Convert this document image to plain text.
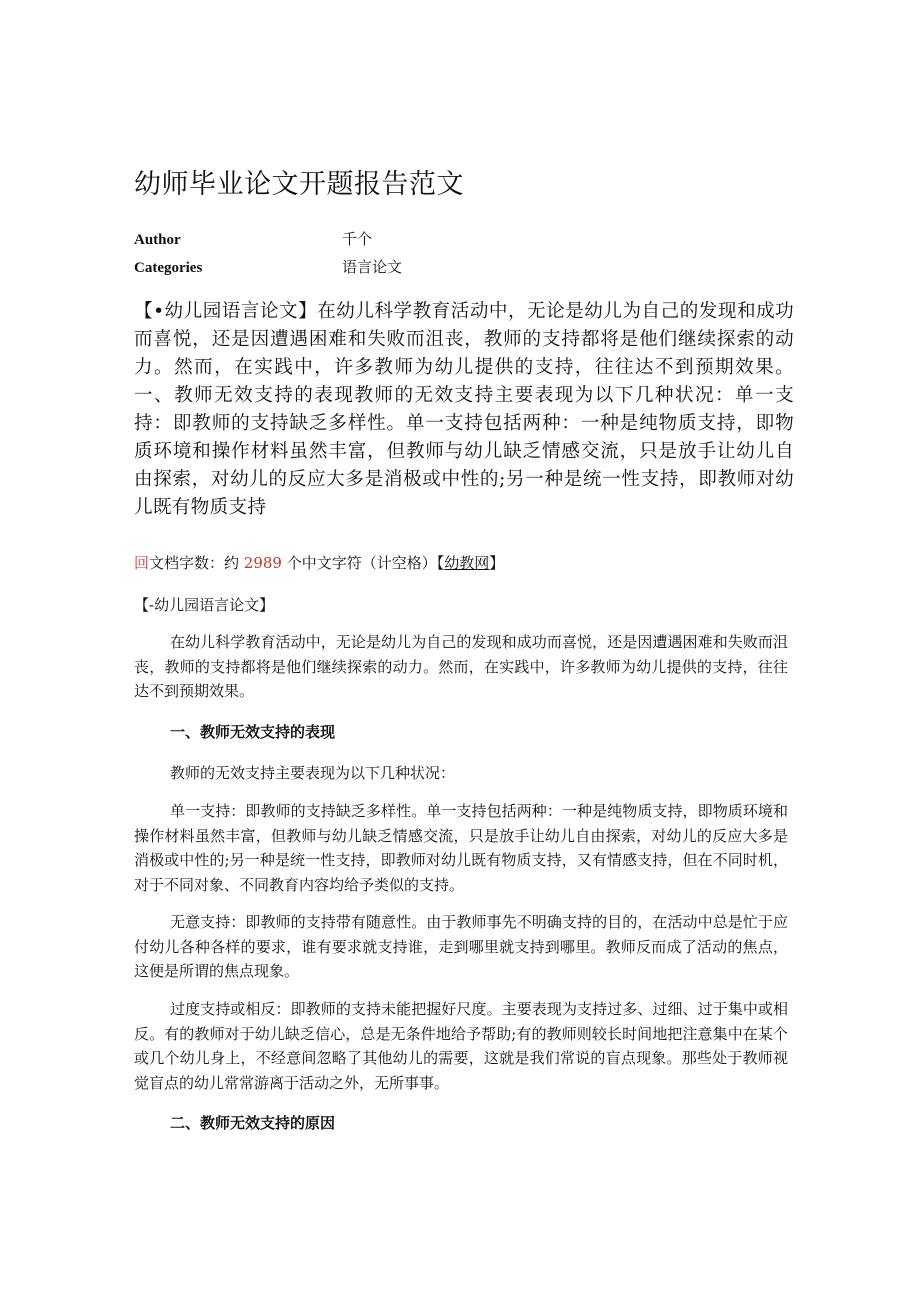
幼师毕业论文开题报告范文
Author	千个
Categories	语言论文
【•幼儿园语言论文】在幼儿科学教育活动中，无论是幼儿为自己的发现和成功而喜悦，还是因遭遇困难和失败而沮丧，教师的支持都将是他们继续探索的动力。然而，在实践中，许多教师为幼儿提供的支持，往往达不到预期效果。一、教师无效支持的表现教师的无效支持主要表现为以下几种状况：单一支持：即教师的支持缺乏多样性。单一支持包括两种：一种是纯物质支持，即物质环境和操作材料虽然丰富，但教师与幼儿缺乏情感交流，只是放手让幼儿自由探索，对幼儿的反应大多是消极或中性的;另一种是统一性支持，即教师对幼儿既有物质支持
回文档字数：约 2989 个中文字符（计空格）【幼教网】
【-幼儿园语言论文】
在幼儿科学教育活动中，无论是幼儿为自己的发现和成功而喜悦，还是因遭遇困难和失败而沮丧，教师的支持都将是他们继续探索的动力。然而，在实践中，许多教师为幼儿提供的支持，往往达不到预期效果。
一、教师无效支持的表现
教师的无效支持主要表现为以下几种状况：
单一支持：即教师的支持缺乏多样性。单一支持包括两种：一种是纯物质支持，即物质环境和操作材料虽然丰富，但教师与幼儿缺乏情感交流，只是放手让幼儿自由探索，对幼儿的反应大多是消极或中性的;另一种是统一性支持，即教师对幼儿既有物质支持，又有情感支持，但在不同时机，对于不同对象、不同教育内容均给予类似的支持。
无意支持：即教师的支持带有随意性。由于教师事先不明确支持的目的，在活动中总是忙于应付幼儿各种各样的要求，谁有要求就支持谁，走到哪里就支持到哪里。教师反而成了活动的焦点，这便是所谓的焦点现象。
过度支持或相反：即教师的支持未能把握好尺度。主要表现为支持过多、过细、过于集中或相反。有的教师对于幼儿缺乏信心，总是无条件地给予帮助;有的教师则较长时间地把注意集中在某个或几个幼儿身上，不经意间忽略了其他幼儿的需要，这就是我们常说的盲点现象。那些处于教师视觉盲点的幼儿常常游离于活动之外，无所事事。
二、教师无效支持的原因
